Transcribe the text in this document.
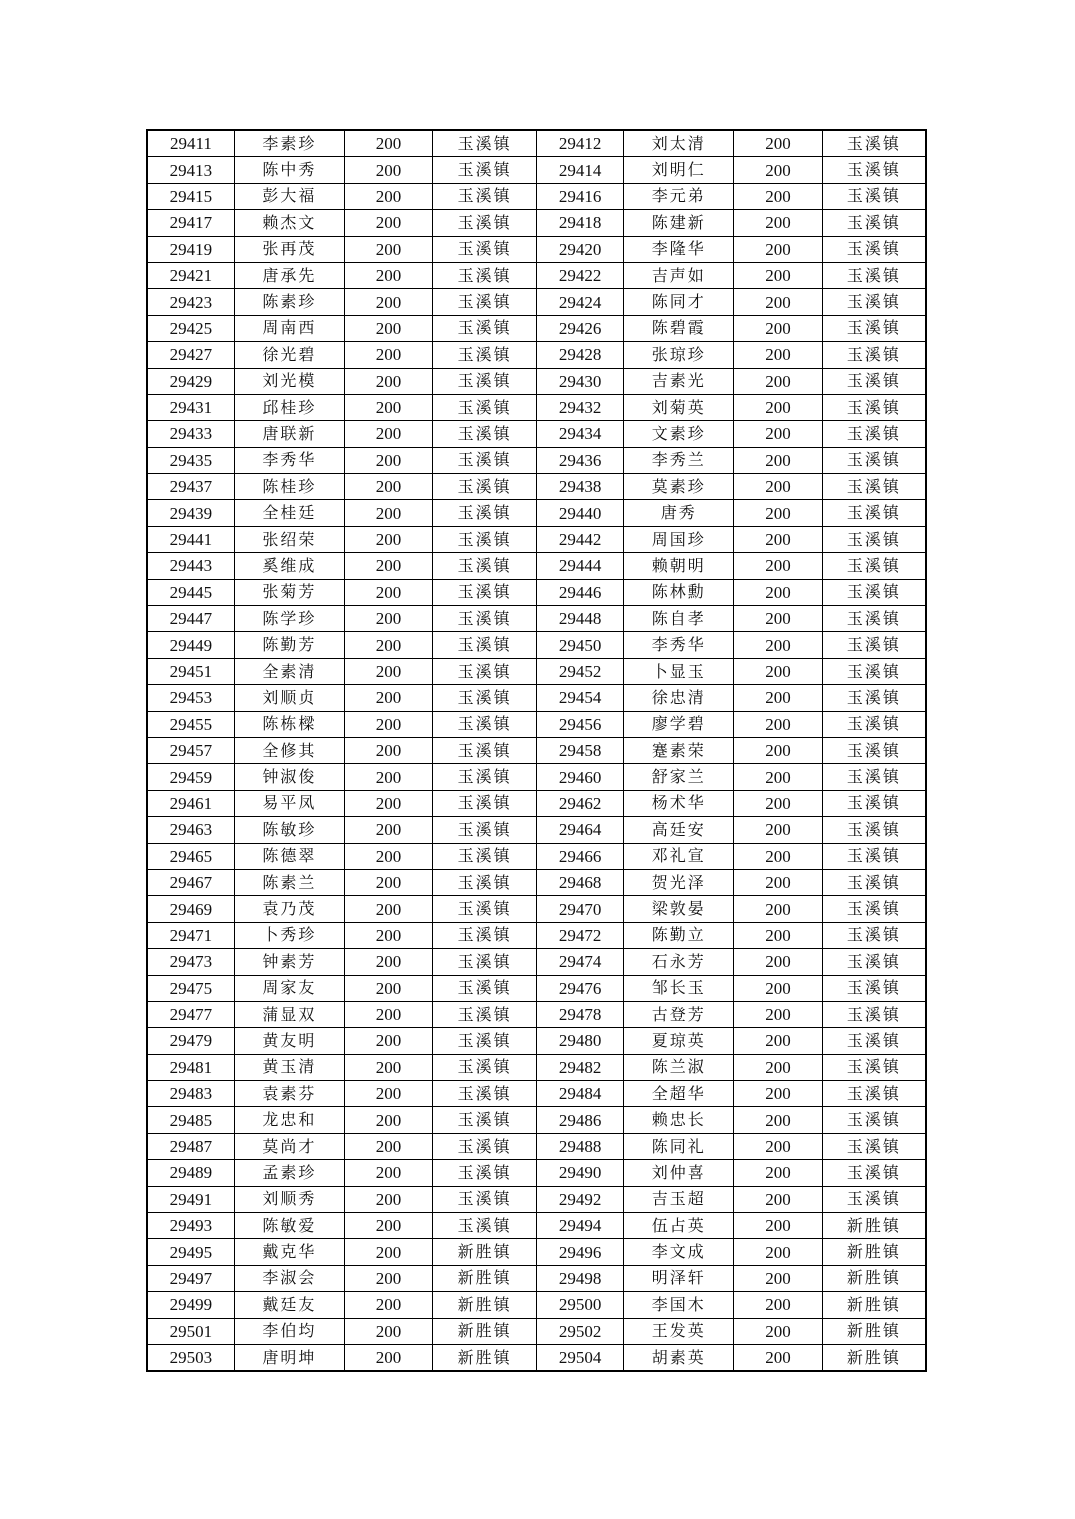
29411	李素珍	200	玉溪镇	29412	刘太清	200	玉溪镇
29413	陈中秀	200	玉溪镇	29414	刘明仁	200	玉溪镇
29415	彭大福	200	玉溪镇	29416	李元弟	200	玉溪镇
29417	赖杰文	200	玉溪镇	29418	陈建新	200	玉溪镇
29419	张再茂	200	玉溪镇	29420	李隆华	200	玉溪镇
29421	唐承先	200	玉溪镇	29422	吉声如	200	玉溪镇
29423	陈素珍	200	玉溪镇	29424	陈同才	200	玉溪镇
29425	周南西	200	玉溪镇	29426	陈碧霞	200	玉溪镇
29427	徐光碧	200	玉溪镇	29428	张琼珍	200	玉溪镇
29429	刘光模	200	玉溪镇	29430	吉素光	200	玉溪镇
29431	邱桂珍	200	玉溪镇	29432	刘菊英	200	玉溪镇
29433	唐联新	200	玉溪镇	29434	文素珍	200	玉溪镇
29435	李秀华	200	玉溪镇	29436	李秀兰	200	玉溪镇
29437	陈桂珍	200	玉溪镇	29438	莫素珍	200	玉溪镇
29439	全桂廷	200	玉溪镇	29440	唐秀	200	玉溪镇
29441	张绍荣	200	玉溪镇	29442	周国珍	200	玉溪镇
29443	奚维成	200	玉溪镇	29444	赖朝明	200	玉溪镇
29445	张菊芳	200	玉溪镇	29446	陈林勳	200	玉溪镇
29447	陈学珍	200	玉溪镇	29448	陈自孝	200	玉溪镇
29449	陈勤芳	200	玉溪镇	29450	李秀华	200	玉溪镇
29451	全素清	200	玉溪镇	29452	卜显玉	200	玉溪镇
29453	刘顺贞	200	玉溪镇	29454	徐忠清	200	玉溪镇
29455	陈栋樑	200	玉溪镇	29456	廖学碧	200	玉溪镇
29457	全修其	200	玉溪镇	29458	蹇素荣	200	玉溪镇
29459	钟淑俊	200	玉溪镇	29460	舒家兰	200	玉溪镇
29461	易平凤	200	玉溪镇	29462	杨术华	200	玉溪镇
29463	陈敏珍	200	玉溪镇	29464	高廷安	200	玉溪镇
29465	陈德翠	200	玉溪镇	29466	邓礼宣	200	玉溪镇
29467	陈素兰	200	玉溪镇	29468	贺光泽	200	玉溪镇
29469	袁乃茂	200	玉溪镇	29470	梁敦晏	200	玉溪镇
29471	卜秀珍	200	玉溪镇	29472	陈勤立	200	玉溪镇
29473	钟素芳	200	玉溪镇	29474	石永芳	200	玉溪镇
29475	周家友	200	玉溪镇	29476	邹长玉	200	玉溪镇
29477	蒲显双	200	玉溪镇	29478	古登芳	200	玉溪镇
29479	黄友明	200	玉溪镇	29480	夏琼英	200	玉溪镇
29481	黄玉清	200	玉溪镇	29482	陈兰淑	200	玉溪镇
29483	袁素芬	200	玉溪镇	29484	全超华	200	玉溪镇
29485	龙忠和	200	玉溪镇	29486	赖忠长	200	玉溪镇
29487	莫尚才	200	玉溪镇	29488	陈同礼	200	玉溪镇
29489	孟素珍	200	玉溪镇	29490	刘仲喜	200	玉溪镇
29491	刘顺秀	200	玉溪镇	29492	吉玉超	200	玉溪镇
29493	陈敏爱	200	玉溪镇	29494	伍占英	200	新胜镇
29495	戴克华	200	新胜镇	29496	李文成	200	新胜镇
29497	李淑会	200	新胜镇	29498	明泽轩	200	新胜镇
29499	戴廷友	200	新胜镇	29500	李国木	200	新胜镇
29501	李伯均	200	新胜镇	29502	王发英	200	新胜镇
29503	唐明坤	200	新胜镇	29504	胡素英	200	新胜镇
